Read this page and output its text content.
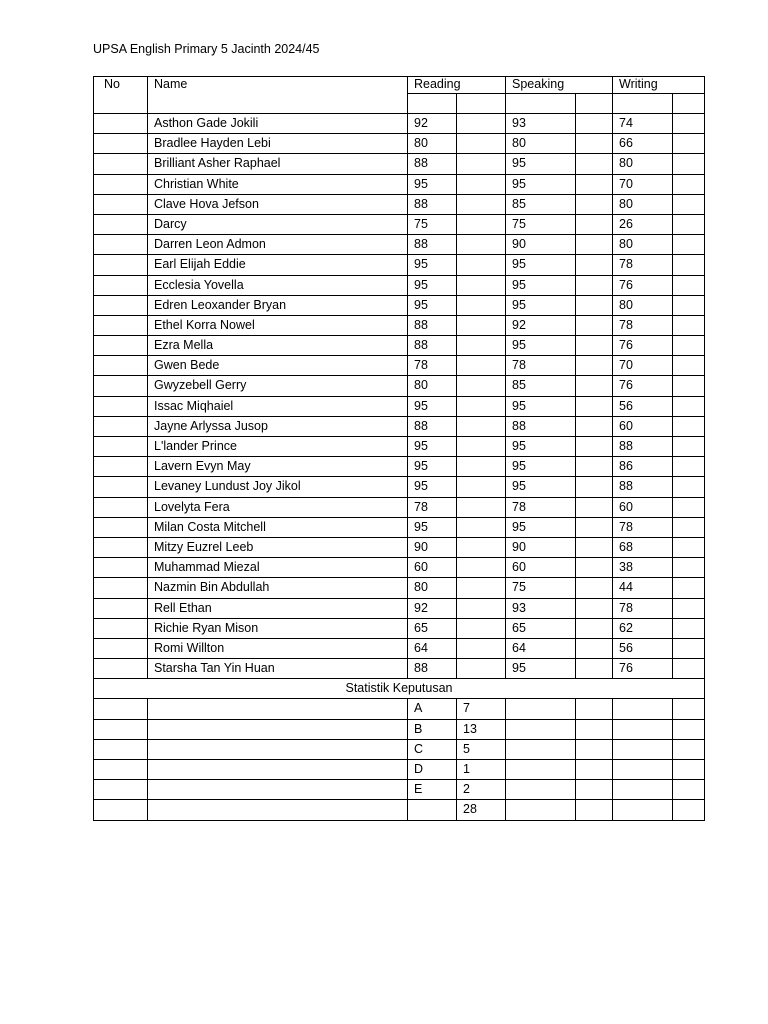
UPSA English Primary 5 Jacinth 2024/45
No	Name	Reading		Speaking		Writing	

	Asthon Gade Jokili	92		93		74	
	Bradlee Hayden Lebi	80		80		66	
	Brilliant Asher Raphael	88		95		80	
	Christian White	95		95		70	
	Clave Hova Jefson	88		85		80	
	Darcy	75		75		26	
	Darren Leon Admon	88		90		80	
	Earl Elijah Eddie	95		95		78	
	Ecclesia Yovella	95		95		76	
	Edren Leoxander Bryan	95		95		80	
	Ethel Korra Nowel	88		92		78	
	Ezra Mella	88		95		76	
	Gwen Bede	78		78		70	
	Gwyzebell Gerry	80		85		76	
	Issac Miqhaiel	95		95		56	
	Jayne Arlyssa Jusop	88		88		60	
	L'lander Prince	95		95		88	
	Lavern Evyn May	95		95		86	
	Levaney Lundust Joy Jikol	95		95		88	
	Lovelyta Fera	78		78		60	
	Milan Costa Mitchell	95		95		78	
	Mitzy Euzrel Leeb	90		90		68	
	Muhammad Miezal	60		60		38	
	Nazmin Bin Abdullah	80		75		44	
	Rell Ethan	92		93		78	
	Richie Ryan Mison	65		65		62	
	Romi Willton	64		64		56	
	Starsha Tan Yin Huan	88		95		76	
Statistik Keputusan							
		A	7				
		B	13				
		C	5				
		D	1				
		E	2				
			28				
